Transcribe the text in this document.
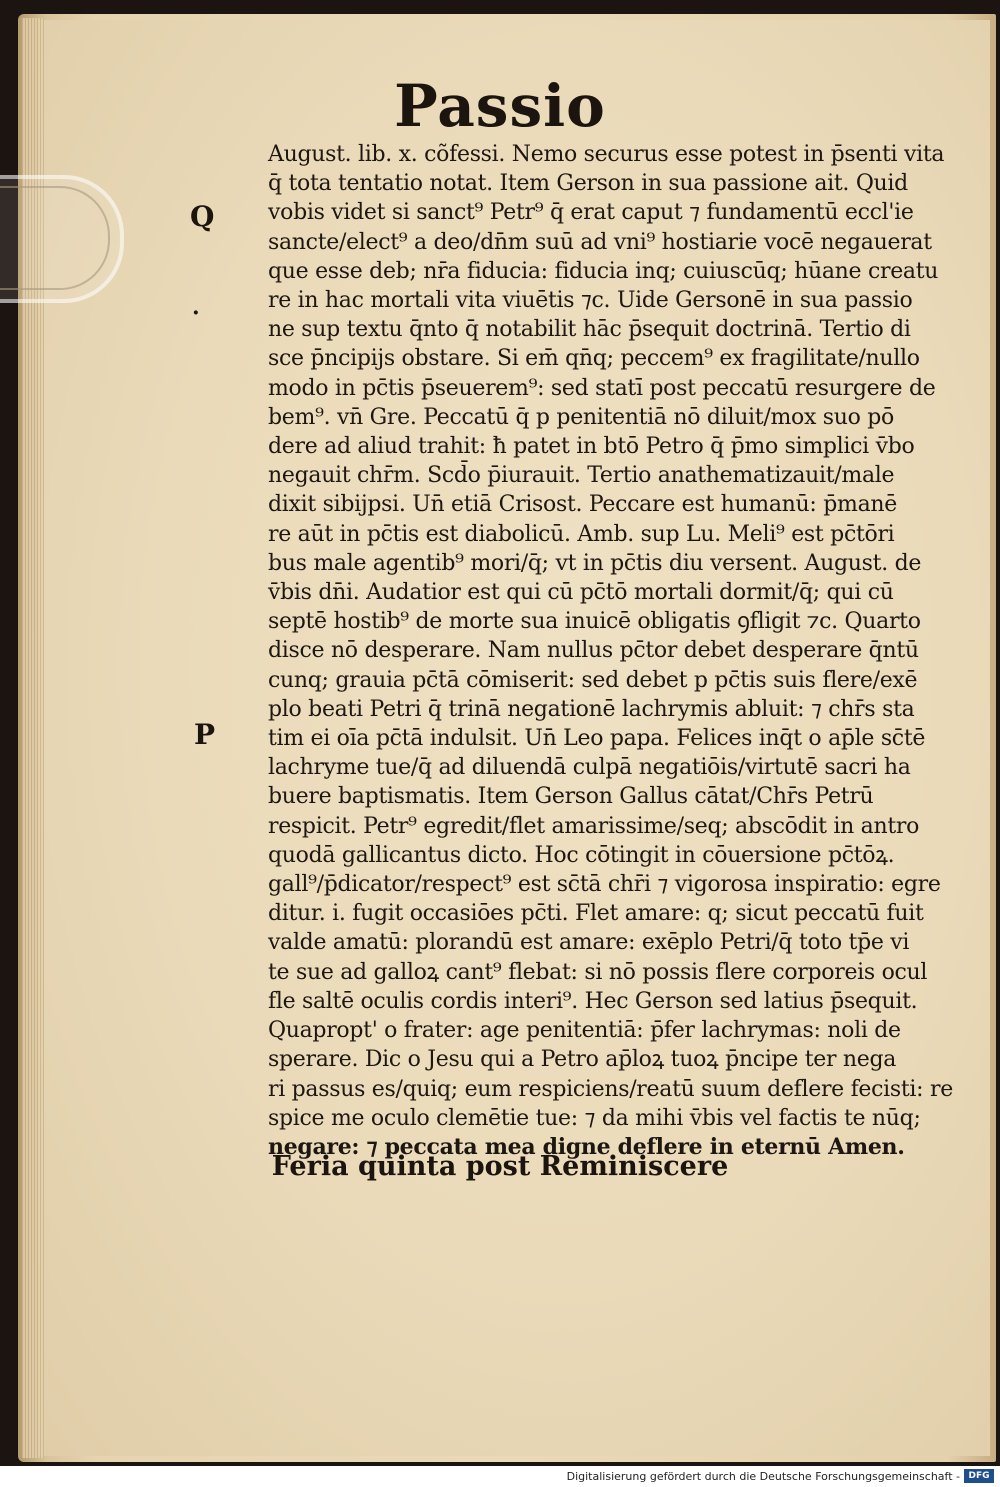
Passio
Q
·
P
August. lib. x. cõfessi. Nemo securus esse potest in p̄senti vita
q̄ tota tentatio notat. Item Gerson in sua passione ait. Quid
vobis videt si sanct⁹ Petr⁹ q̄ erat caput ⁊ fundamentū eccl'ie
sancte/elect⁹ a deo/dn̄m suū ad vni⁹ hostiarie vocē negauerat
que esse deb; nr̄a fiducia: fiducia inq; cuiuscūq; hūane creatu
re in hac mortali vita viuētis ⁊c. Uide Gersonē in sua passio
ne sup textu q̄nto q̄ notabilit hāc p̄sequit doctrinā. Tertio di
sce p̄ncipijs obstare. Si em̄ qn̄q; peccem⁹ ex fragilitate/nullo
modo in pc̄tis p̄seuerem⁹: sed statī post peccatū resurgere de
bem⁹. vn̄ Gre. Peccatū q̄ p penitentiā nō diluit/mox suo pō
dere ad aliud trahit: ħ patet in btō Petro q̄ p̄mo simplici v̄bo
negauit chr̄m. Scd̄o p̄iurauit. Tertio anathematizauit/male
dixit sibijpsi. Un̄ etiā Crisost. Peccare est humanū: p̄manē
re aūt in pc̄tis est diabolicū. Amb. sup Lu. Meli⁹ est pc̄tōri
bus male agentib⁹ mori/q̄; vt in pc̄tis diu versent. August. de
v̄bis dn̄i. Audatior est qui cū pc̄tō mortali dormit/q̄; qui cū
septē hostib⁹ de morte sua inuicē obligatis ꝯfligit ⁊c. Quarto
disce nō desperare. Nam nullus pc̄tor debet desperare q̄ntū
cunq; grauia pc̄tā cōmiserit: sed debet p pc̄tis suis flere/exē
plo beati Petri q̄ trinā negationē lachrymis abluit: ⁊ chr̄s sta
tim ei oīa pc̄tā indulsit. Un̄ Leo papa. Felices inq̄t o ap̄le sc̄tē
lachryme tue/q̄ ad diluendā culpā negatiōis/virtutē sacri ha
buere baptismatis. Item Gerson Gallus cātat/Chr̄s Petrū
respicit. Petr⁹ egredit/flet amarissime/seq; abscōdit in antro
quodā gallicantus dicto. Hoc cōtingit in cōuersione pc̄tōꝝ.
gall⁹/p̄dicator/respect⁹ est sc̄tā chr̄i ⁊ vigorosa inspiratio: egre
ditur. i. fugit occasiōes pc̄ti. Flet amare: q; sicut peccatū fuit
valde amatū: plorandū est amare: exēplo Petri/q̄ toto tp̄e vi
te sue ad galloꝝ cant⁹ flebat: si nō possis flere corporeis ocul
fle saltē oculis cordis interi⁹. Hec Gerson sed latius p̄sequit.
Quapropt' o frater: age penitentiā: p̄fer lachrymas: noli de
sperare. Dic o Jesu qui a Petro ap̄loꝝ tuoꝝ p̄ncipe ter nega
ri passus es/quiq; eum respiciens/reatū suum deflere fecisti: re
spice me oculo clemētie tue: ⁊ da mihi v̄bis vel factis te nūq;
negare: ⁊ peccata mea digne deflere in eternū Amen.
Feria quinta post Reminiscere
Digitalisierung gefördert durch die Deutsche Forschungsgemeinschaft - DFG
